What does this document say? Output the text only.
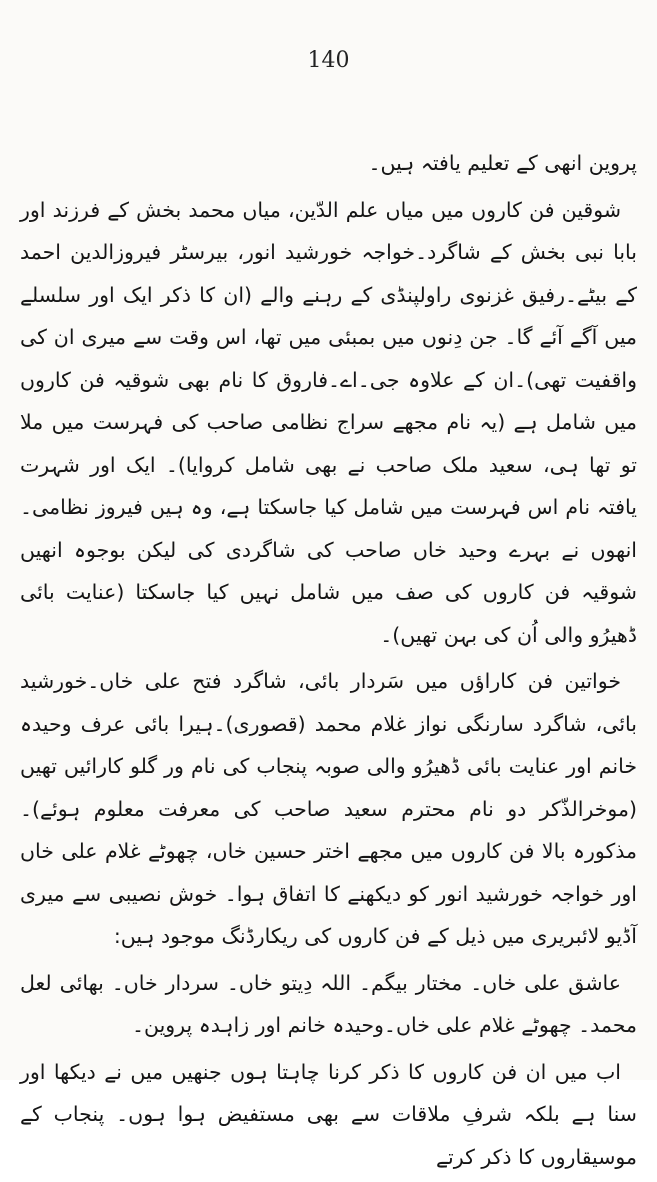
140

پروین انھی کے تعلیم یافتہ ہیں۔

شوقین فن کاروں میں میاں علم الدّین، میاں محمد بخش کے فرزند اور بابا نبی بخش کے شاگرد۔خواجہ خورشید انور، بیرسٹر فیروزالدین احمد کے بیٹے۔رفیق غزنوی راولپنڈی کے رہنے والے (ان کا ذکر ایک اور سلسلے میں آگے آئے گا۔ جن دِنوں میں بمبئی میں تھا، اس وقت سے میری ان کی واقفیت تھی)۔ان کے علاوہ جی۔اے۔فاروق کا نام بھی شوقیہ فن کاروں میں شامل ہے (یہ نام مجھے سراج نظامی صاحب کی فہرست میں ملا تو تھا ہی، سعید ملک صاحب نے بھی شامل کروایا)۔ ایک اور شہرت یافتہ نام اس فہرست میں شامل کیا جاسکتا ہے، وہ ہیں فیروز نظامی۔ انھوں نے بہرے وحید خاں صاحب کی شاگردی کی لیکن بوجوہ انھیں شوقیہ فن کاروں کی صف میں شامل نہیں کیا جاسکتا (عنایت بائی ڈھیرُو والی اُن کی بہن تھیں)۔

خواتین فن کاراؤں میں سَردار بائی، شاگرد فتح علی خاں۔خورشید بائی، شاگرد سارنگی نواز غلام محمد (قصوری)۔ہیرا بائی عرف وحیدہ خانم اور عنایت بائی ڈھیرُو والی صوبہ پنجاب کی نام ور گلو کارائیں تھیں (موخرالذّکر دو نام محترم سعید صاحب کی معرفت معلوم ہوئے)۔ مذکورہ بالا فن کاروں میں مجھے اختر حسین خاں، چھوٹے غلام علی خاں اور خواجہ خورشید انور کو دیکھنے کا اتفاق ہوا۔ خوش نصیبی سے میری آڈیو لائبریری میں ذیل کے فن کاروں کی ریکارڈنگ موجود ہیں:

عاشق علی خاں۔ مختار بیگم۔ اللہ دِیتو خاں۔ سردار خاں۔ بھائی لعل محمد۔ چھوٹے غلام علی خاں۔وحیدہ خانم اور زاہدہ پروین۔

اب میں ان فن کاروں کا ذکر کرنا چاہتا ہوں جنھیں میں نے دیکھا اور سنا ہے بلکہ شرفِ ملاقات سے بھی مستفیض ہوا ہوں۔ پنجاب کے موسیقاروں کا ذکر کرتے
